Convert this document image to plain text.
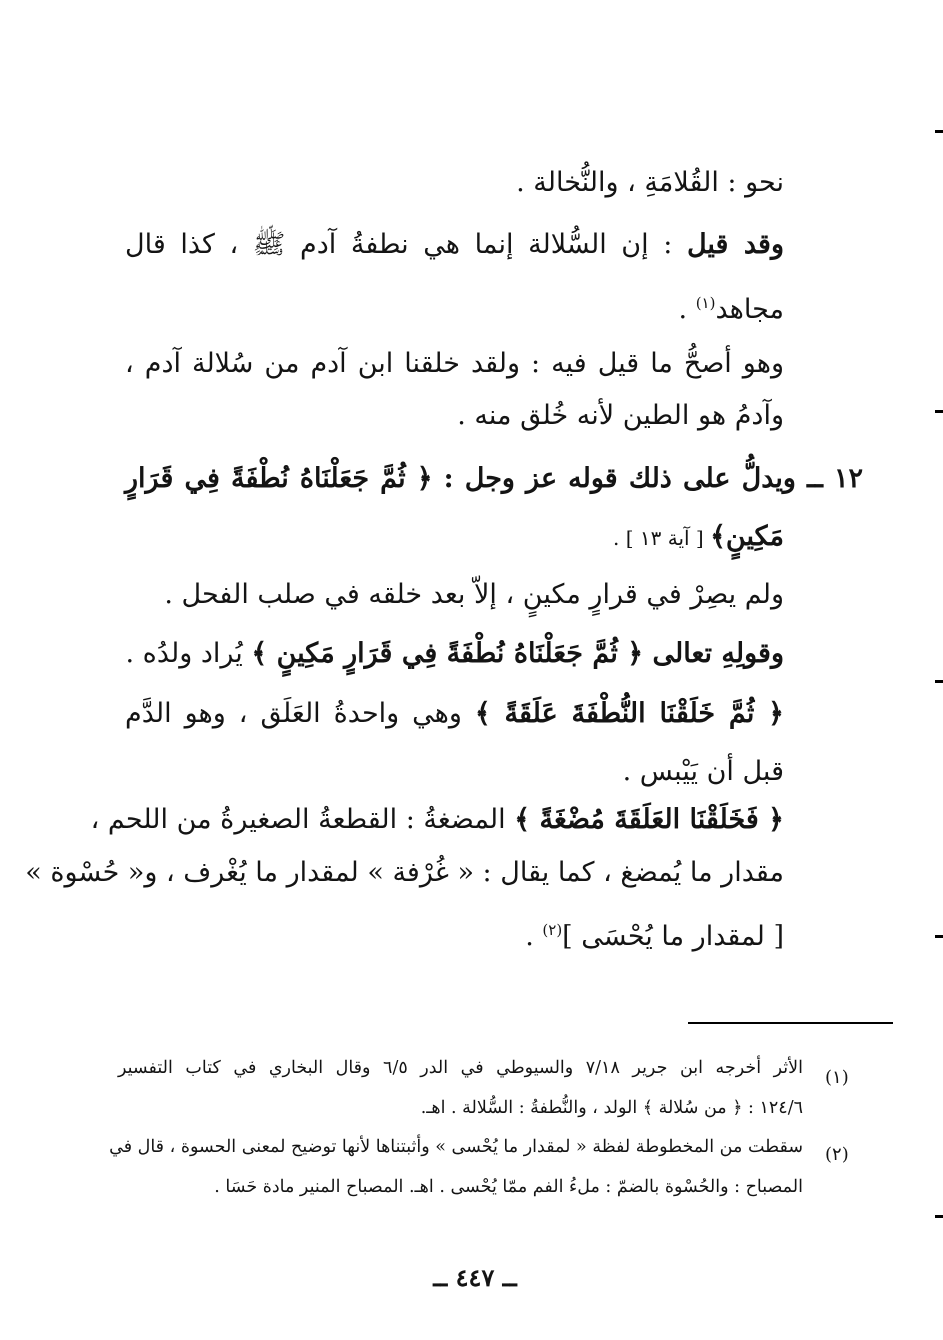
نحو : القُلامَةِ ، والنُّخالة .
وقد قيل : إن السُّلالة إنما هي نطفةُ آدم ﷺ ، كذا قال
مجاهد$^{(١)}$ .
وهو أصحُّ ما قيل فيه : ولقد خلقنا ابن آدم من سُلالة آدم ،
وآدمُ هو الطين لأنه خُلق منه .
١٢ ــ ويدلُّ على ذلك قوله عز وجل : ﴿ ثُمَّ جَعَلْنَاهُ نُطْفَةً فِي قَرَارٍ
مَكِينٍ﴾ [ آية ١٣ ] .
ولم يصِرْ في قرارٍ مكينٍ ، إلاّ بعد خلقه في صلب الفحل .
وقولِهِ تعالى ﴿ ثُمَّ جَعَلْنَاهُ نُطْفَةً فِي قَرَارٍ مَكِينٍ ﴾ يُراد ولدُه .
﴿ ثُمَّ خَلَقْنَا النُّطْفَةَ عَلَقَةً ﴾ وهي واحدةُ العَلَق ، وهو الدَّم
قبل أن يَيْبس .
﴿ فَخَلَقْنَا العَلَقَةَ مُضْغَةً ﴾ المضغةُ : القطعةُ الصغيرةُ من اللحم ،
مقدار ما يُمضغ ، كما يقال : « غُرْفة » لمقدار ما يُغْرف ، و« حُسْوة »
[ لمقدار ما يُحْسَى ]$^{(٢)}$ .
(١)
الأثر أخرجه ابن جرير ٧/١٨ والسيوطي في الدر ٦/٥ وقال البخاري في كتاب التفسير
١٢٤/٦ : ﴿ من سُلالة ﴾ الولد ، والنُّطفةُ : السُّلالة . اهـ.
(٢)
سقطت من المخطوطة لفظة « لمقدار ما يُحْسى » وأثبتناها لأنها توضيح لمعنى الحسوة ، قال في
المصباح : والحُسْوة بالضمّ : ملءُ الفم ممّا يُحْسى . اهـ. المصباح المنير مادة حَسَا .
ــ ٤٤٧ ــ
